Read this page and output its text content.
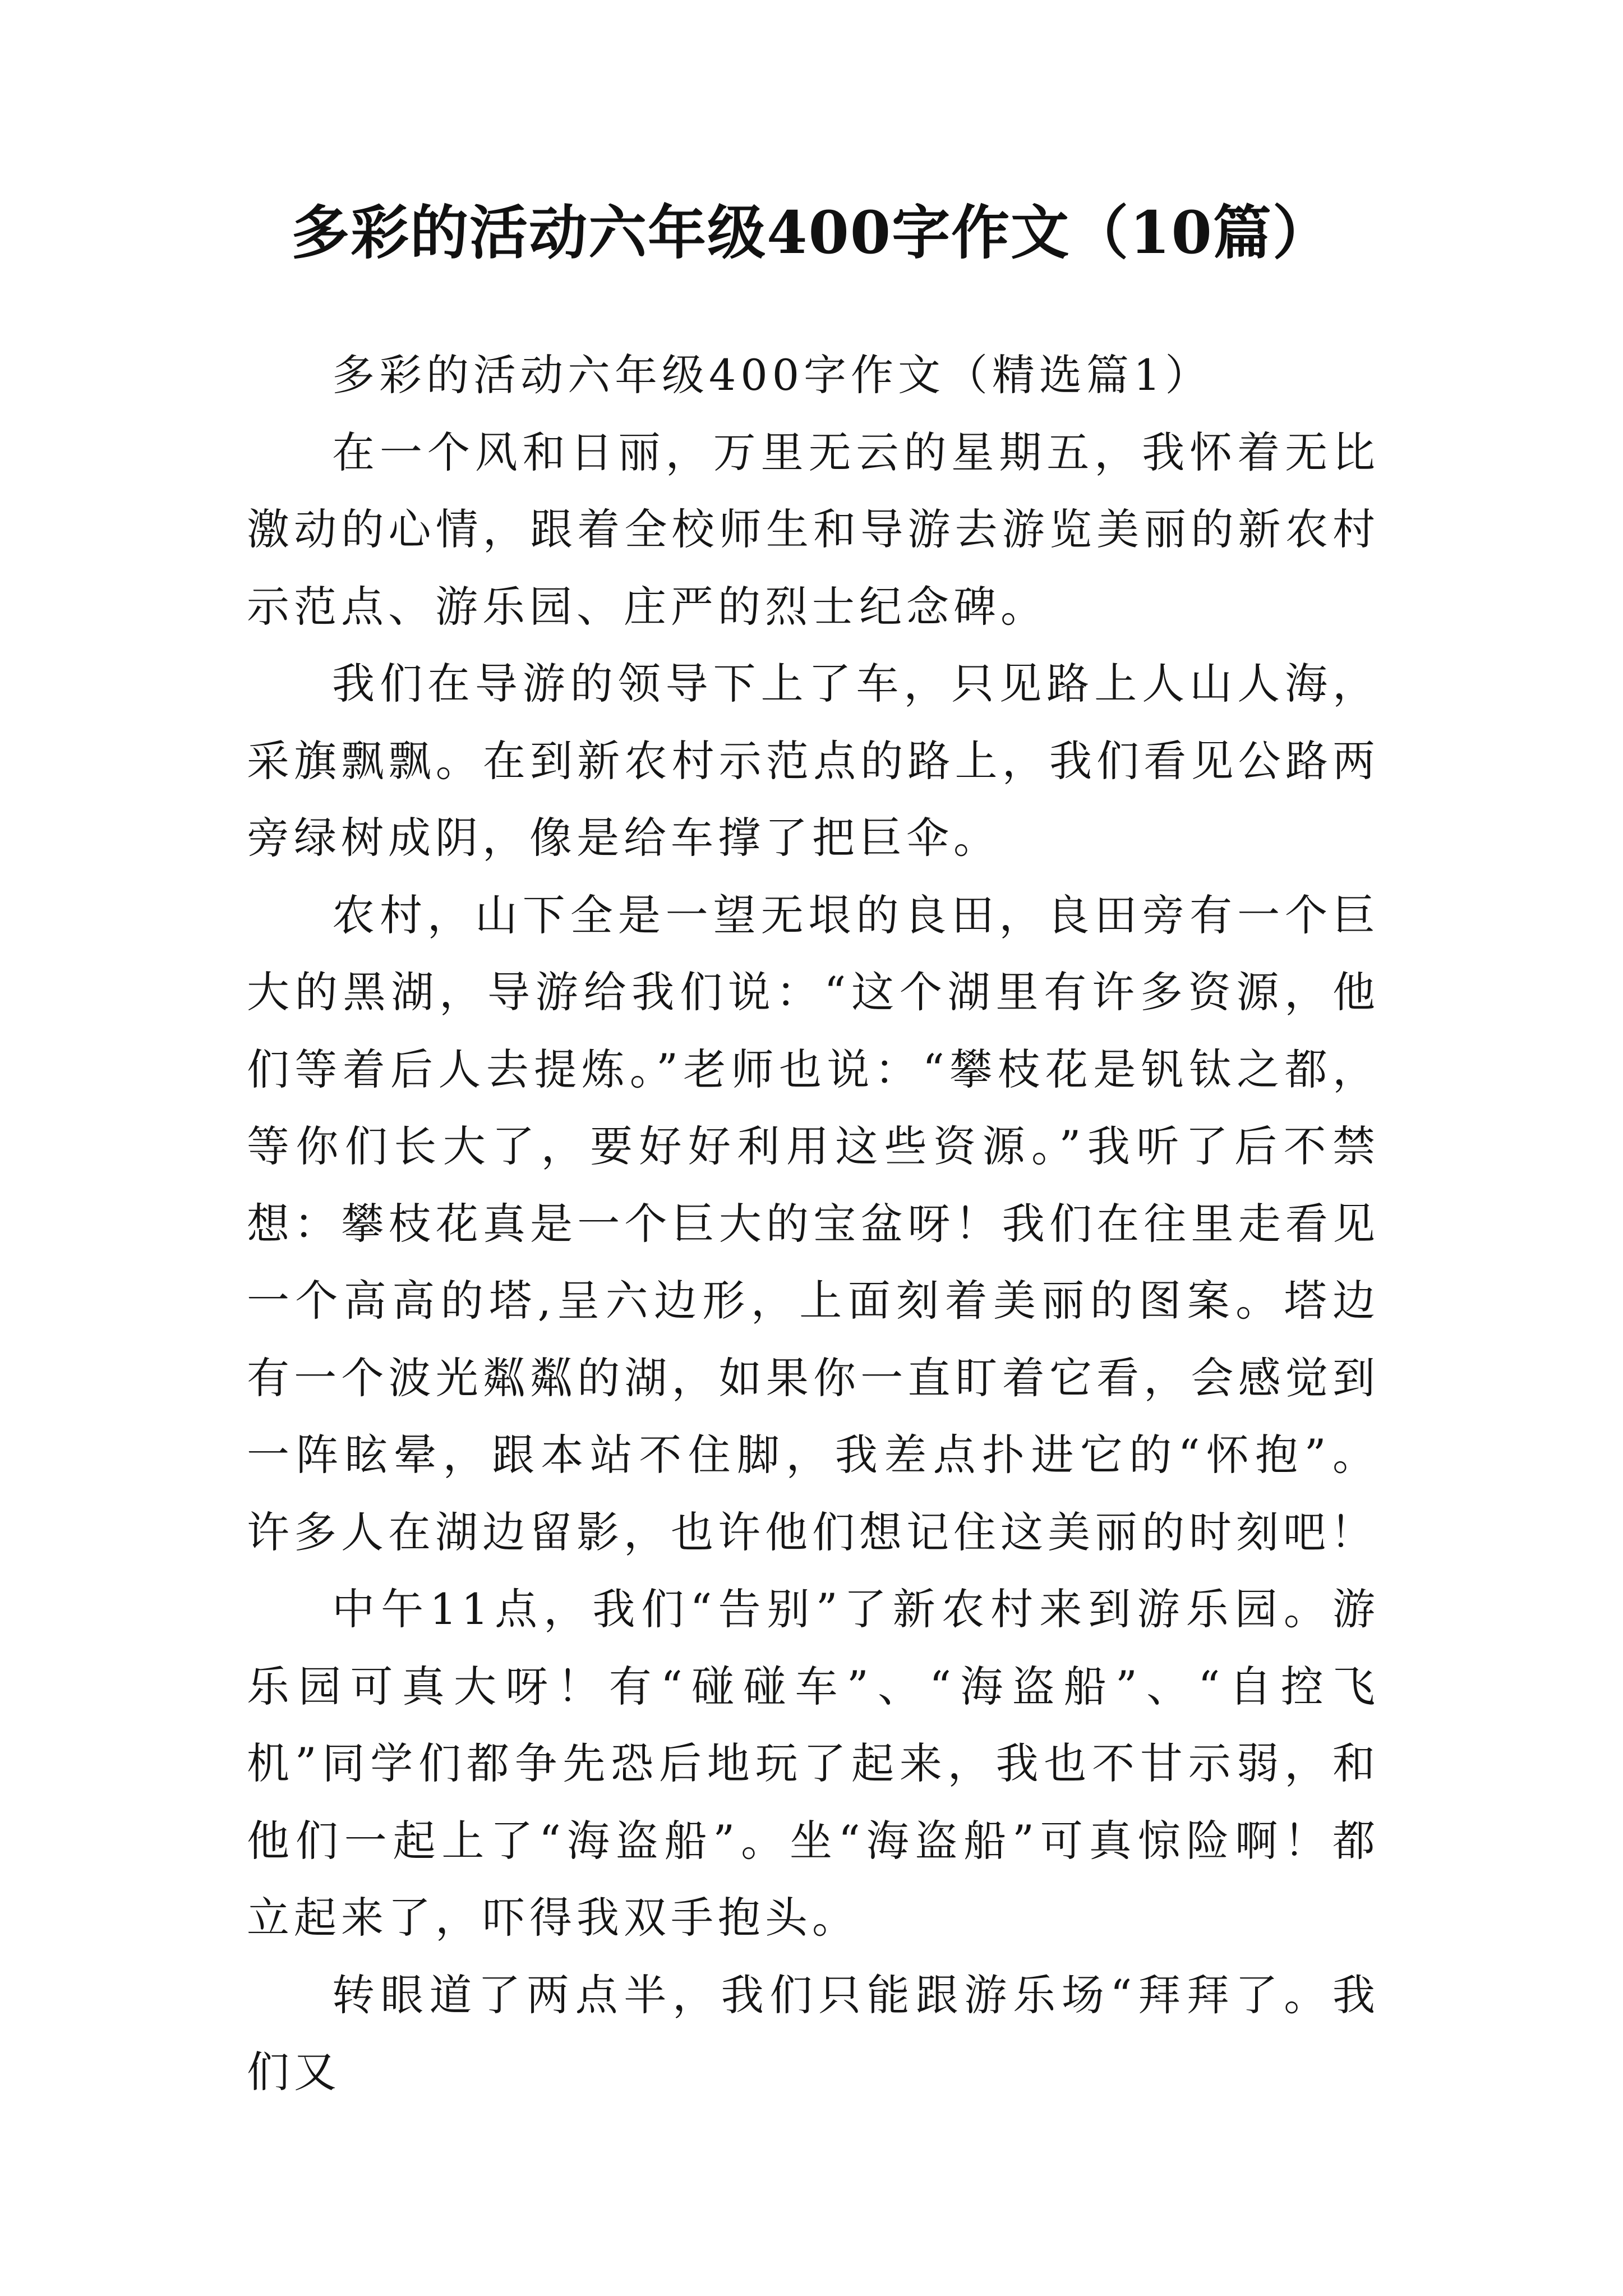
多彩的活动六年级400字作文（10篇）

多彩的活动六年级400字作文（精选篇1）

在一个风和日丽，万里无云的星期五，我怀着无比激动的心情，跟着全校师生和导游去游览美丽的新农村示范点、游乐园、庄严的烈士纪念碑。

我们在导游的领导下上了车，只见路上人山人海，采旗飘飘。在到新农村示范点的路上，我们看见公路两旁绿树成阴，像是给车撑了把巨伞。

农村，山下全是一望无垠的良田，良田旁有一个巨大的黑湖，导游给我们说：“这个湖里有许多资源，他们等着后人去提炼。”老师也说：“攀枝花是钒钛之都，等你们长大了，要好好利用这些资源。”我听了后不禁想：攀枝花真是一个巨大的宝盆呀！我们在往里走看见一个高高的塔,呈六边形，上面刻着美丽的图案。塔边有一个波光粼粼的湖，如果你一直盯着它看，会感觉到一阵眩晕，跟本站不住脚，我差点扑进它的“怀抱”。许多人在湖边留影，也许他们想记住这美丽的时刻吧！

中午11点，我们“告别”了新农村来到游乐园。游乐园可真大呀！有“碰碰车”、“海盗船”、“自控飞机”同学们都争先恐后地玩了起来，我也不甘示弱，和他们一起上了“海盗船”。坐“海盗船”可真惊险啊！都立起来了，吓得我双手抱头。

转眼道了两点半，我们只能跟游乐场“拜拜了。我们又
